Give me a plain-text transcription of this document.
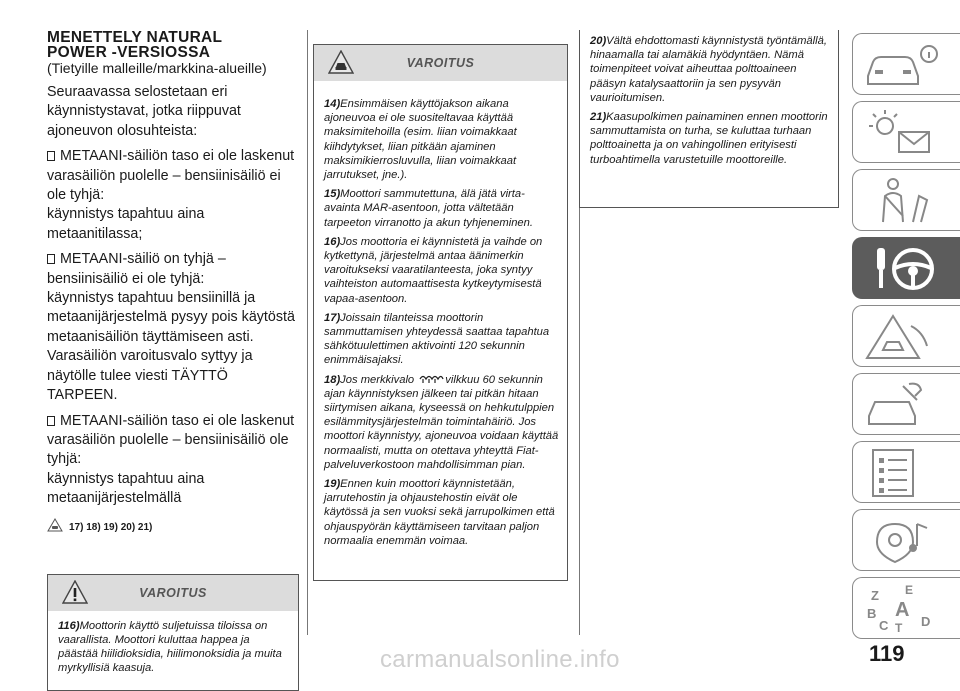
MENETTELY NATURAL
POWER -VERSIOSSA
(Tietyille malleille/markkina-alueille)

Seuraavassa selostetaan eri käynnistystavat, jotka riippuvat ajoneuvon olosuhteista:

METAANI-säiliön taso ei ole laskenut varasäiliön puolelle – bensiinisäiliö ei ole tyhjä:

käynnistys tapahtuu aina metaanitilassa;

METAANI-säiliö on tyhjä – bensiinisäiliö ei ole tyhjä:

käynnistys tapahtuu bensiinillä ja metaanijärjestelmä pysyy pois käytöstä metaanisäiliön täyttämiseen asti. Varasäiliön varoitusvalo syttyy ja näytölle tulee viesti TÄYTTÖ TARPEEN.

METAANI-säiliön taso ei ole laskenut varasäiliön puolelle – bensiinisäiliö ole tyhjä:

käynnistys tapahtuu aina metaanijärjestelmällä

17) 18) 19) 20) 21)
VAROITUS

116)Moottorin käyttö suljetuissa tiloissa on vaarallista. Moottori kuluttaa happea ja päästää hiilidioksidia, hiilimonoksidia ja muita myrkyllisiä kaasuja.

VAROITUS

14)Ensimmäisen käyttöjakson aikana ajoneuvoa ei ole suositeltavaa käyttää maksimitehoilla (esim. liian voimakkaat kiihdytykset, liian pitkään ajaminen maksimikierrosluvulla, liian voimakkaat jarrutukset, jne.).

15)Moottori sammutettuna, älä jätä virta-avainta MAR-asentoon, jotta vältetään tarpeeton virranotto ja akun tyhjeneminen.

16)Jos moottoria ei käynnistetä ja vaihde on kytkettynä, järjestelmä antaa äänimerkin varoitukseksi vaaratilanteesta, joka syntyy vaihteiston automaattisesta kytkeytymisestä vapaa-asentoon.

17)Joissain tilanteissa moottorin sammuttamisen yhteydessä saattaa tapahtua sähkötuulettimen aktivointi 120 sekunnin enimmäisajaksi.

18)Jos merkkivalo	vilkkuu 60 sekunnin ajan käynnistyksen jälkeen tai pitkän hitaan siirtymisen aikana, kyseessä on hehkutulppien esilämmitysjärjestelmän toimintahäiriö. Jos moottori käynnistyy, ajoneuvoa voidaan käyttää normaalisti, mutta on otettava yhteyttä Fiat-palveluverkostoon mahdollisimman pian.

19)Ennen kuin moottori käynnistetään, jarrutehostin ja ohjaustehostin eivät ole käytössä ja sen vuoksi sekä jarrupolkimen että ohjauspyörän käyttämiseen tarvitaan paljon normaalia enemmän voimaa.

20)Vältä ehdottomasti käynnistystä työntämällä, hinaamalla tai alamäkiä hyödyntäen. Nämä toimenpiteet voivat aiheuttaa polttoaineen pääsyn katalysaattoriin ja sen pysyvän vaurioitumisen.

21)Kaasupolkimen painaminen ennen moottorin sammuttamista on turha, se kuluttaa turhaan polttoainetta ja on vahingollinen erityisesti turboahtimella varustetuille moottoreille.

Z E
B A
C T D
carmanualsonline.info	119
